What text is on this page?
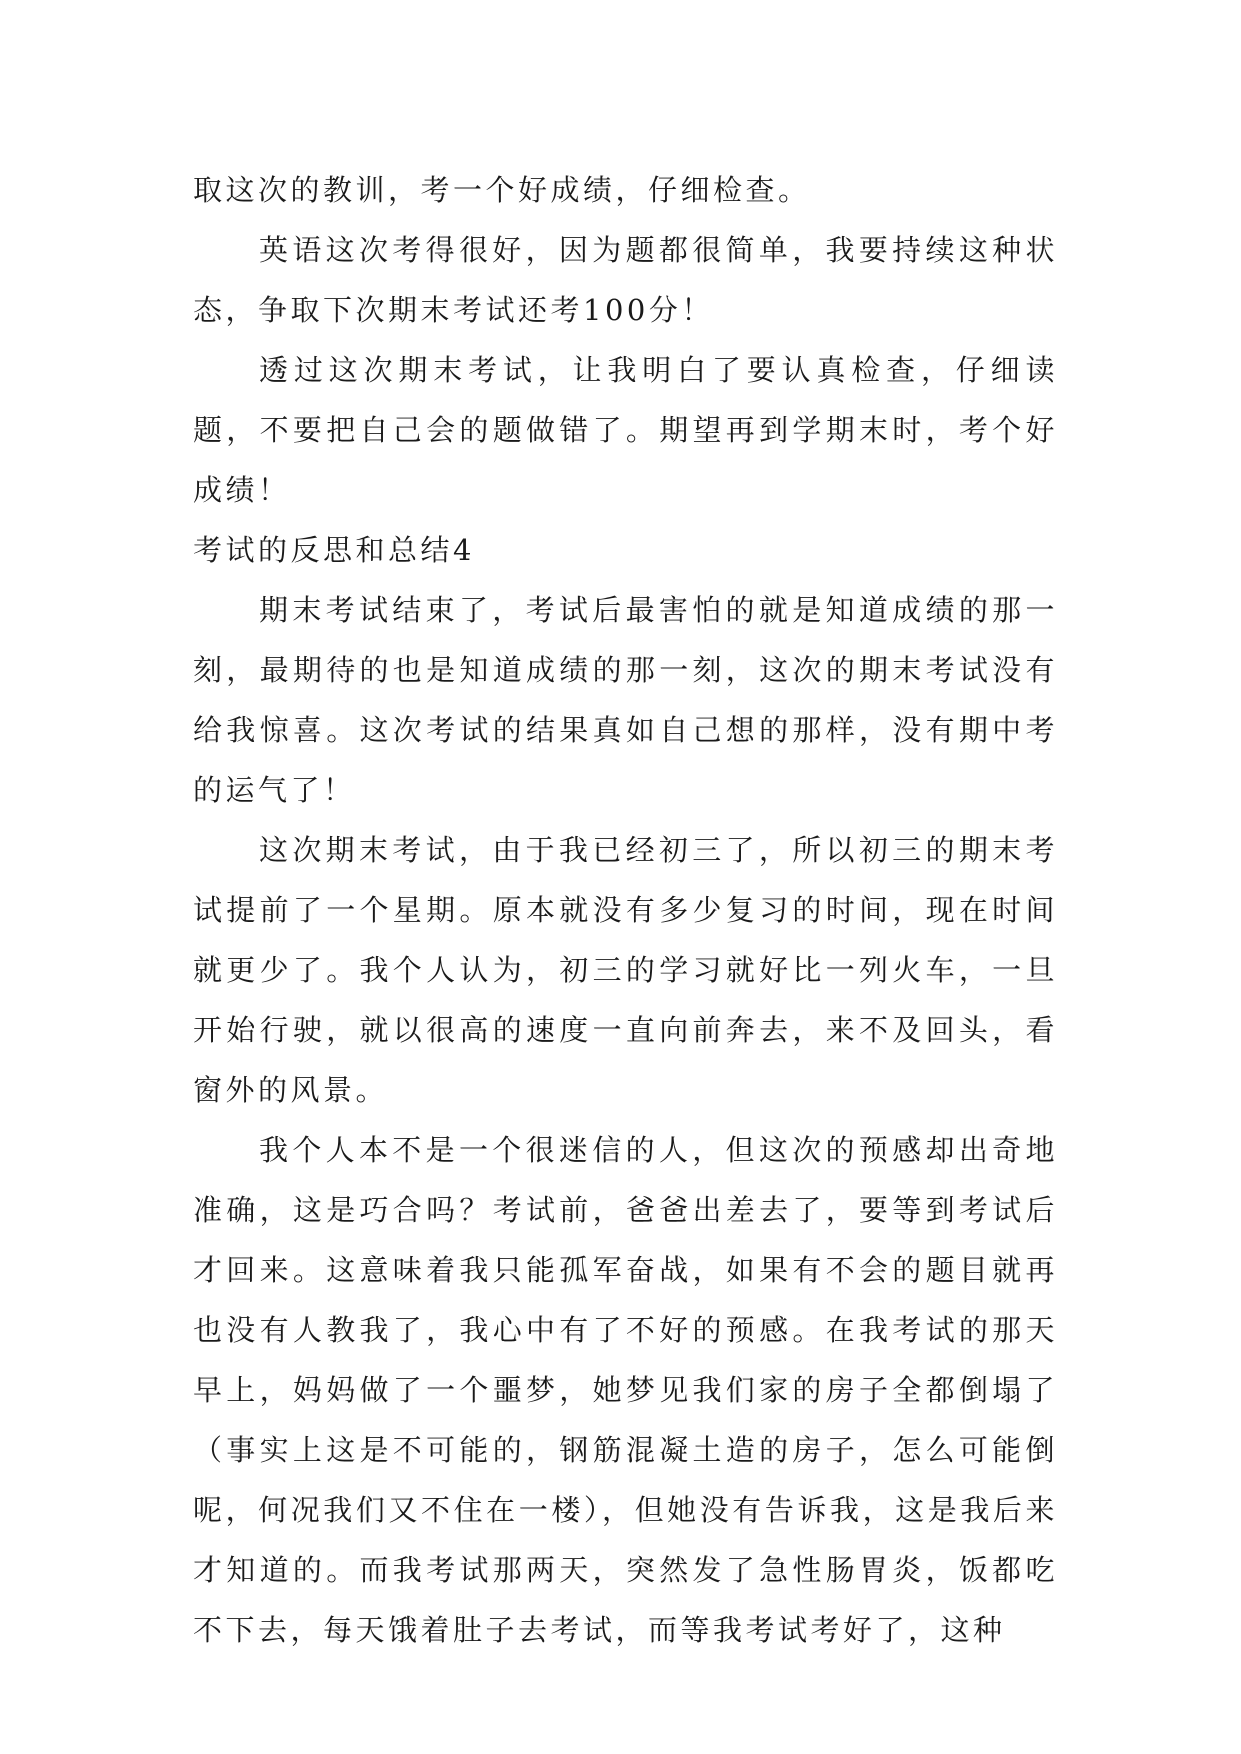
取这次的教训，考一个好成绩，仔细检查。

英语这次考得很好，因为题都很简单，我要持续这种状态，争取下次期末考试还考100分！

透过这次期末考试，让我明白了要认真检查，仔细读题，不要把自己会的题做错了。期望再到学期末时，考个好成绩！

考试的反思和总结4

期末考试结束了，考试后最害怕的就是知道成绩的那一刻，最期待的也是知道成绩的那一刻，这次的期末考试没有给我惊喜。这次考试的结果真如自己想的那样，没有期中考的运气了！

这次期末考试，由于我已经初三了，所以初三的期末考试提前了一个星期。原本就没有多少复习的时间，现在时间就更少了。我个人认为，初三的学习就好比一列火车，一旦开始行驶，就以很高的速度一直向前奔去，来不及回头，看窗外的风景。

我个人本不是一个很迷信的人，但这次的预感却出奇地准确，这是巧合吗？考试前，爸爸出差去了，要等到考试后才回来。这意味着我只能孤军奋战，如果有不会的题目就再也没有人教我了，我心中有了不好的预感。在我考试的那天早上，妈妈做了一个噩梦，她梦见我们家的房子全都倒塌了（事实上这是不可能的，钢筋混凝土造的房子，怎么可能倒呢，何况我们又不住在一楼），但她没有告诉我，这是我后来才知道的。而我考试那两天，突然发了急性肠胃炎，饭都吃不下去，每天饿着肚子去考试，而等我考试考好了，这种
